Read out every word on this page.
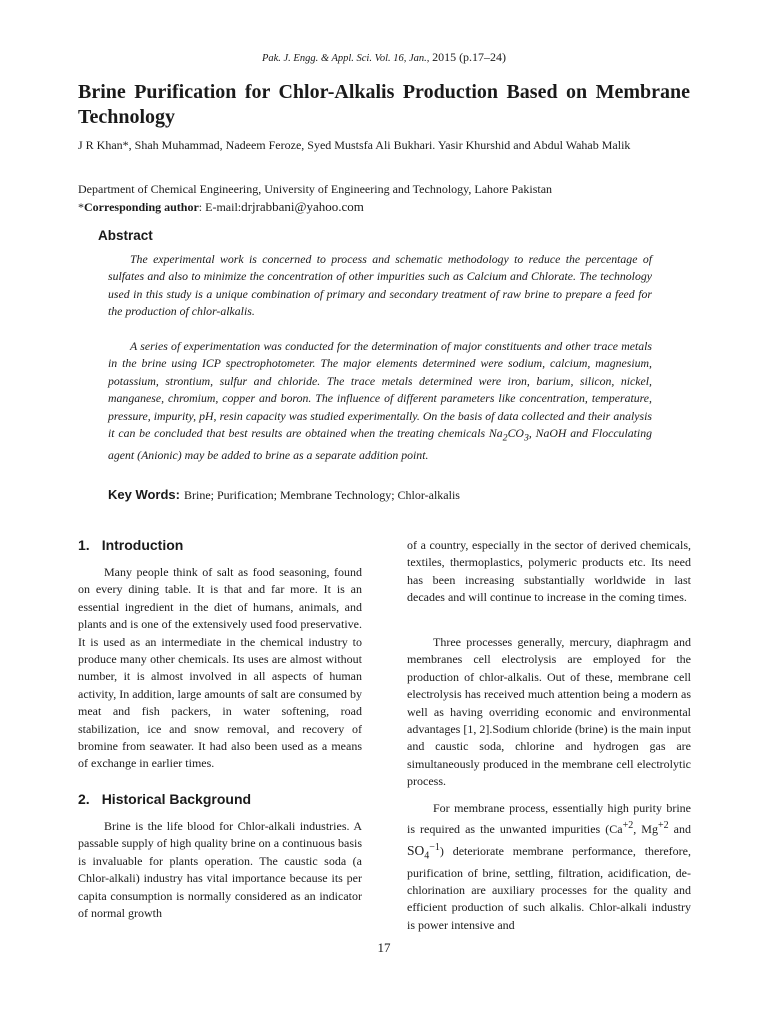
Pak. J. Engg. & Appl. Sci. Vol. 16, Jan., 2015 (p.17–24)
Brine Purification for Chlor-Alkalis Production Based on Membrane Technology

J R Khan*, Shah Muhammad, Nadeem Feroze, Syed Mustsfa Ali Bukhari. Yasir Khurshid and Abdul Wahab Malik

Department of Chemical Engineering, University of Engineering and Technology, Lahore Pakistan
*Corresponding author: E-mail:drjrabbani@yahoo.com
Abstract

The experimental work is concerned to process and schematic methodology to reduce the percentage of sulfates and also to minimize the concentration of other impurities such as Calcium and Chlorate. The technology used in this study is a unique combination of primary and secondary treatment of raw brine to prepare a feed for the production of chlor-alkalis.

A series of experimentation was conducted for the determination of major constituents and other trace metals in the brine using ICP spectrophotometer. The major elements determined were sodium, calcium, magnesium, potassium, strontium, sulfur and chloride. The trace metals determined were iron, barium, silicon, nickel, manganese, chromium, copper and boron. The influence of different parameters like concentration, temperature, pressure, impurity, pH, resin capacity was studied experimentally. On the basis of data collected and their analysis it can be concluded that best results are obtained when the treating chemicals $Na_2CO_3$, NaOH and Flocculating agent (Anionic) may be added to brine as a separate addition point.

Key Words: Brine; Purification; Membrane Technology; Chlor-alkalis

1. Introduction

Many people think of salt as food seasoning, found on every dining table. It is that and far more. It is an essential ingredient in the diet of humans, animals, and plants and is one of the extensively used food preservative. It is used as an intermediate in the chemical industry to produce many other chemicals. Its uses are almost without number, it is almost involved in all aspects of human activity, In addition, large amounts of salt are consumed by meat and fish packers, in water softening, road stabilization, ice and snow removal, and recovery of bromine from seawater. It had also been used as a means of exchange in earlier times.

2. Historical Background

Brine is the life blood for Chlor-alkali industries. A passable supply of high quality brine on a continuous basis is invaluable for plants operation. The caustic soda (a Chlor-alkali) industry has vital importance because its per capita consumption is normally considered as an indicator of normal growth

of a country, especially in the sector of derived chemicals, textiles, thermoplastics, polymeric products etc. Its need has been increasing substantially worldwide in last decades and will continue to increase in the coming times.

Three processes generally, mercury, diaphragm and membranes cell electrolysis are employed for the production of chlor-alkalis. Out of these, membrane cell electrolysis has received much attention being a modern as well as having overriding economic and environmental advantages [1, 2].Sodium chloride (brine) is the main input and caustic soda, chlorine and hydrogen gas are simultaneously produced in the membrane cell electrolytic process.

For membrane process, essentially high purity brine is required as the unwanted impurities ($Ca^{+2}$, $Mg^{+2}$ and $SO_4^{-1}$) deteriorate membrane performance, therefore, purification of brine, settling, filtration, acidification, de-chlorination are auxiliary processes for the quality and efficient production of such alkalis. Chlor-alkali industry is power intensive and

17
